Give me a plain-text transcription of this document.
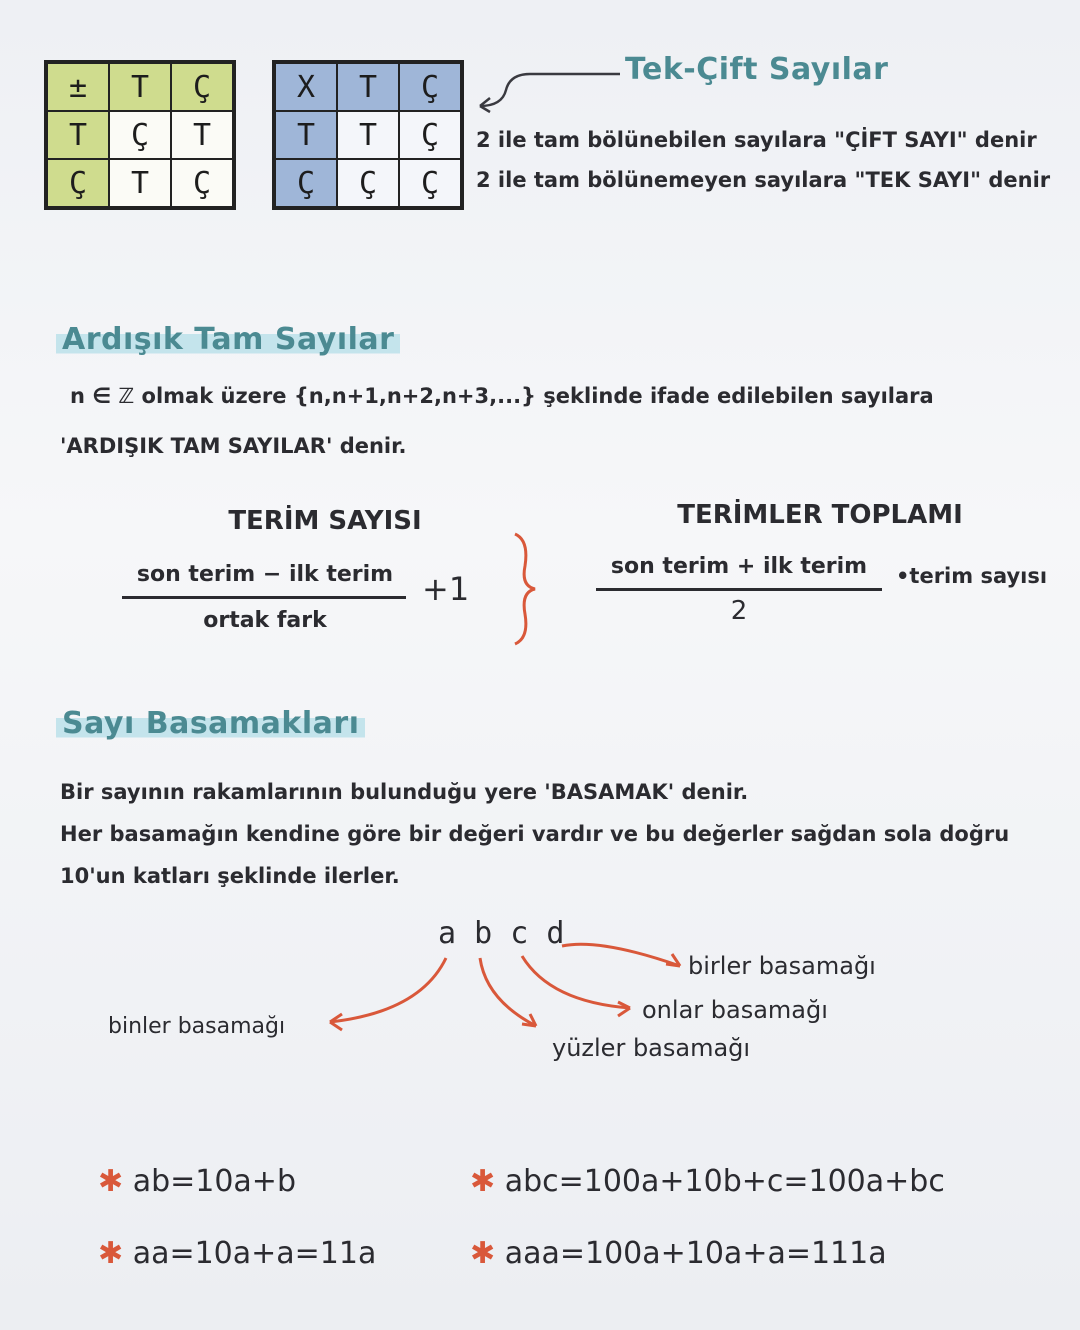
±	T	Ç
T	Ç	T
Ç	T	Ç
X	T	Ç
T	T	Ç
Ç	Ç	Ç
Tek-Çift Sayılar
2 ile tam bölünebilen sayılara "ÇİFT SAYI" denir
2 ile tam bölünemeyen sayılara "TEK SAYI" denir
Ardışık Tam Sayılar
n ∈ ℤ olmak üzere {n,n+1,n+2,n+3,...} şeklinde ifade edilebilen sayılara
'ARDIŞIK TAM SAYILAR' denir.
TERİM SAYISI
son terim − ilk terim
ortak fark
+1
TERİMLER TOPLAMI
son terim + ilk terim
2
•terim sayısı
Sayı Basamakları
Bir sayının rakamlarının bulunduğu yere 'BASAMAK' denir.
Her basamağın kendine göre bir değeri vardır ve bu değerler sağdan sola doğru
10'un katları şeklinde ilerler.
a b c d
binler basamağı
birler basamağı
onlar basamağı
yüzler basamağı
✱ ab=10a+b
✱ aa=10a+a=11a
✱ abc=100a+10b+c=100a+bc
✱ aaa=100a+10a+a=111a
